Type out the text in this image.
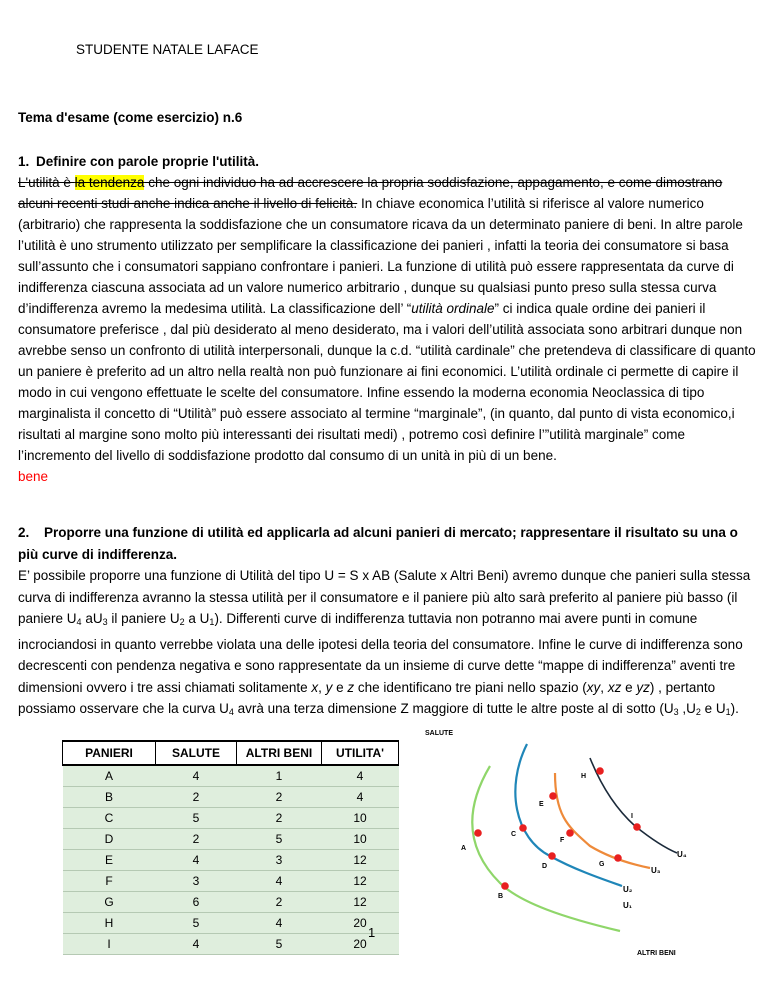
STUDENTE NATALE LAFACE
Tema d'esame (come esercizio) n.6
1. Definire con parole proprie l'utilità.
L'utilità è la tendenza che ogni individuo ha ad accrescere la propria soddisfazione, appagamento, e come dimostrano alcuni recenti studi anche indica anche il livello di felicità. In chiave economica l’utilità si riferisce al valore numerico (arbitrario) che rappresenta la soddisfazione che un consumatore ricava da un determinato paniere di beni. In altre parole l’utilità è uno strumento utilizzato per semplificare la classificazione dei panieri , infatti la teoria dei consumatore si basa sull’assunto che i consumatori sappiano confrontare i panieri. La funzione di utilità può essere rappresentata da curve di indifferenza ciascuna associata ad un valore numerico arbitrario , dunque su qualsiasi punto preso sulla stessa curva d’indifferenza avremo la medesima utilità. La classificazione dell’ “utilità ordinale” ci indica quale ordine dei panieri il consumatore preferisce , dal più desiderato al meno desiderato, ma i valori dell’utilità associata sono arbitrari dunque non avrebbe senso un confronto di utilità interpersonali, dunque la c.d. “utilità cardinale” che pretendeva di classificare di quanto un paniere è preferito ad un altro nella realtà non può funzionare ai fini economici. L’utilità ordinale ci permette di capire il modo in cui vengono effettuate le scelte del consumatore. Infine essendo la moderna economia Neoclassica di tipo marginalista il concetto di “Utilità” può essere associato al termine “marginale”, (in quanto, dal punto di vista economico,i risultati al margine sono molto più interessanti dei risultati medi) , potremo così definire l’”utilità marginale” come l’incremento del livello di soddisfazione prodotto dal consumo di un unità in più di un bene.
bene
2. Proporre una funzione di utilità ed applicarla ad alcuni panieri di mercato; rappresentare il risultato su una o più curve di indifferenza.
E’ possibile proporre una funzione di Utilità del tipo U = S x AB (Salute x Altri Beni) avremo dunque che panieri sulla stessa curva di indifferenza avranno la stessa utilità per il consumatore e il paniere più alto sarà preferito al paniere più basso (il paniere $U_4$ $aU_3$ il paniere $U_2$ a $U_1$). Differenti curve di indifferenza tuttavia non potranno mai avere punti in comune incrociandosi in quanto verrebbe violata una delle ipotesi della teoria del consumatore. Infine le curve di indifferenza sono decrescenti con pendenza negativa e sono rappresentate da un insieme di curve dette “mappe di indifferenza” aventi tre dimensioni ovvero i tre assi chiamati solitamente x, y e z che identificano tre piani nello spazio (xy, xz e yz) , pertanto possiamo osservare che la curva $U_4$ avrà una terza dimensione Z maggiore di tutte le altre poste al di sotto ($U_3$ $,U_2$ e $U_1$).
PANIERI	SALUTE	ALTRI BENI	UTILITA'
A	4	1	4
B	2	2	4
C	5	2	10
D	2	5	10
E	4	3	12
F	3	4	12
G	6	2	12
H	5	4	20
I	4	5	20
SALUTE
ALTRI BENI
A
B
C
D
E
F
G
H
I
U₃
U₄
U₂
U₁
1
